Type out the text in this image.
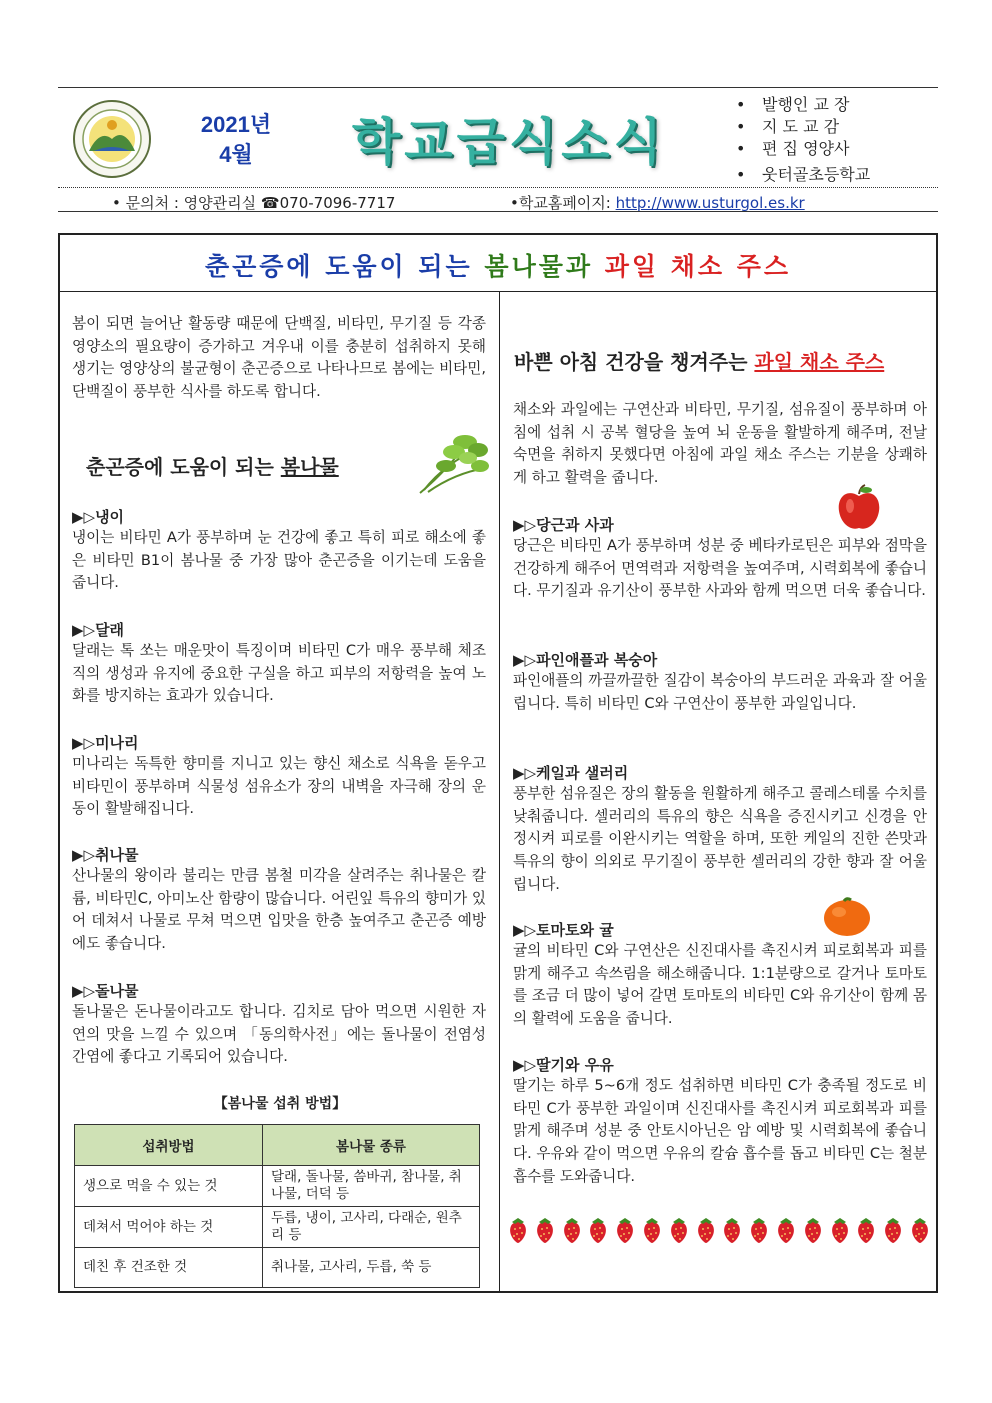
2021년
4월	학교급식소식
• 발행인 교 장
• 지 도 교 감
• 편 집 영양사
• 웃터골초등학교
• 문의처 : 영양관리실 ☎070-7096-7717	•학교홈페이지: http://www.usturgol.es.kr
춘곤증에 도움이 되는 봄나물과 과일 채소 주스
봄이 되면 늘어난 활동량 때문에 단백질, 비타민, 무기질 등 각종 영양소의 필요량이 증가하고 겨우내 이를 충분히 섭취하지 못해 생기는 영양상의 불균형이 춘곤증으로 나타나므로 봄에는 비타민, 단백질이 풍부한 식사를 하도록 합니다.
춘곤증에 도움이 되는 봄나물
▶▷냉이
냉이는 비타민 A가 풍부하며 눈 건강에 좋고 특히 피로 해소에 좋은 비타민 B1이 봄나물 중 가장 많아 춘곤증을 이기는데 도움을 줍니다.
▶▷달래
달래는 톡 쏘는 매운맛이 특징이며 비타민 C가 매우 풍부해 체조직의 생성과 유지에 중요한 구실을 하고 피부의 저항력을 높여 노화를 방지하는 효과가 있습니다.
▶▷미나리
미나리는 독특한 향미를 지니고 있는 향신 채소로 식욕을 돋우고 비타민이 풍부하며 식물성 섬유소가 장의 내벽을 자극해 장의 운동이 활발해집니다.
▶▷취나물
산나물의 왕이라 불리는 만큼 봄철 미각을 살려주는 취나물은 칼륨, 비타민C, 아미노산 함량이 많습니다. 어린잎 특유의 향미가 있어 데쳐서 나물로 무쳐 먹으면 입맛을 한층 높여주고 춘곤증 예방에도 좋습니다.
▶▷돌나물
돌나물은 돈나물이라고도 합니다. 김치로 담아 먹으면 시원한 자연의 맛을 느낄 수 있으며 「동의학사전」에는 돌나물이 전염성 간염에 좋다고 기록되어 있습니다.
【봄나물 섭취 방법】
섭취방법	봄나물 종류
생으로 먹을 수 있는 것	달래, 돌나물, 씀바귀, 참나물, 취나물, 더덕 등
데쳐서 먹어야 하는 것	두릅, 냉이, 고사리, 다래순, 원추리 등
데친 후 건조한 것	취나물, 고사리, 두릅, 쑥 등
바쁜 아침 건강을 챙겨주는 과일 채소 주스
채소와 과일에는 구연산과 비타민, 무기질, 섬유질이 풍부하며 아침에 섭취 시 공복 혈당을 높여 뇌 운동을 활발하게 해주며, 전날 숙면을 취하지 못했다면 아침에 과일 채소 주스는 기분을 상쾌하게 하고 활력을 줍니다.
▶▷당근과 사과
당근은 비타민 A가 풍부하며 성분 중 베타카로틴은 피부와 점막을 건강하게 해주어 면역력과 저항력을 높여주며, 시력회복에 좋습니다. 무기질과 유기산이 풍부한 사과와 함께 먹으면 더욱 좋습니다.
▶▷파인애플과 복숭아
파인애플의 까끌까끌한 질감이 복숭아의 부드러운 과육과 잘 어울립니다. 특히 비타민 C와 구연산이 풍부한 과일입니다.
▶▷케일과 샐러리
풍부한 섬유질은 장의 활동을 원활하게 해주고 콜레스테롤 수치를 낮춰줍니다. 셀러리의 특유의 향은 식욕을 증진시키고 신경을 안정시켜 피로를 이완시키는 역할을 하며, 또한 케일의 진한 쓴맛과 특유의 향이 의외로 무기질이 풍부한 셀러리의 강한 향과 잘 어울립니다.
▶▷토마토와 귤
귤의 비타민 C와 구연산은 신진대사를 촉진시켜 피로회복과 피를 맑게 해주고 속쓰림을 해소해줍니다. 1:1분량으로 갈거나 토마토를 조금 더 많이 넣어 갈면 토마토의 비타민 C와 유기산이 함께 몸의 활력에 도움을 줍니다.
▶▷딸기와 우유
딸기는 하루 5~6개 정도 섭취하면 비타민 C가 충족될 정도로 비타민 C가 풍부한 과일이며 신진대사를 촉진시켜 피로회복과 피를 맑게 해주며 성분 중 안토시아닌은 암 예방 및 시력회복에 좋습니다. 우유와 같이 먹으면 우유의 칼슘 흡수를 돕고 비타민 C는 철분 흡수를 도와줍니다.
